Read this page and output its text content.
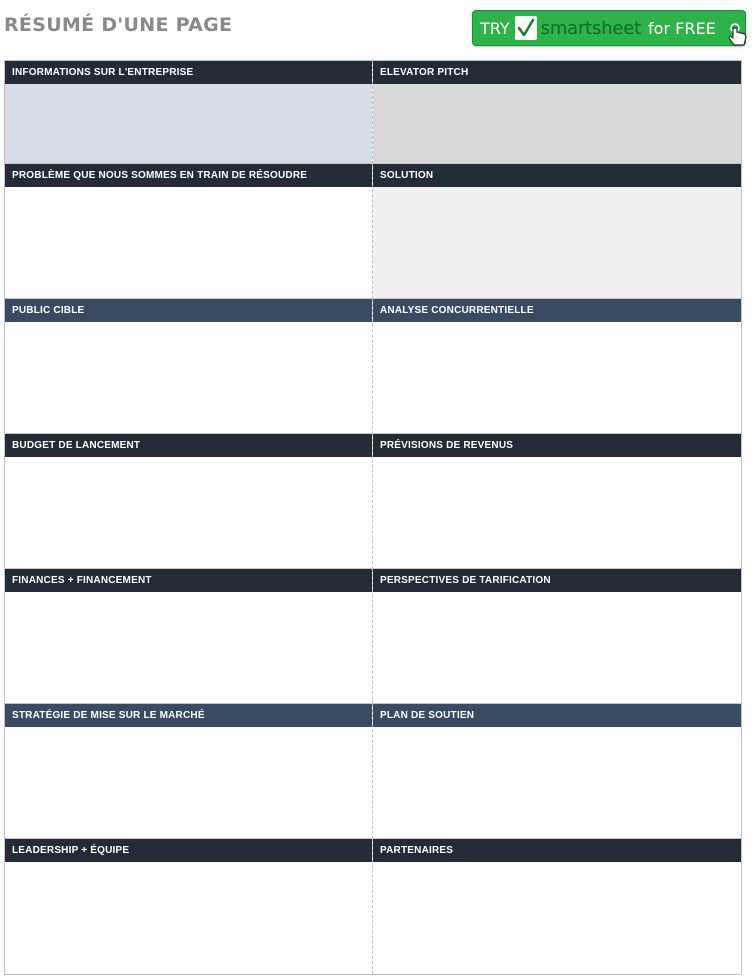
RÉSUMÉ D'UNE PAGE	TRY smartsheet for FREE
INFORMATIONS SUR L'ENTREPRISE	ELEVATOR PITCH
PROBLÈME QUE NOUS SOMMES EN TRAIN DE RÉSOUDRE	SOLUTION
PUBLIC CIBLE	ANALYSE CONCURRENTIELLE
BUDGET DE LANCEMENT	PRÉVISIONS DE REVENUS
FINANCES + FINANCEMENT	PERSPECTIVES DE TARIFICATION
STRATÉGIE DE MISE SUR LE MARCHÉ	PLAN DE SOUTIEN
LEADERSHIP + ÉQUIPE	PARTENAIRES
